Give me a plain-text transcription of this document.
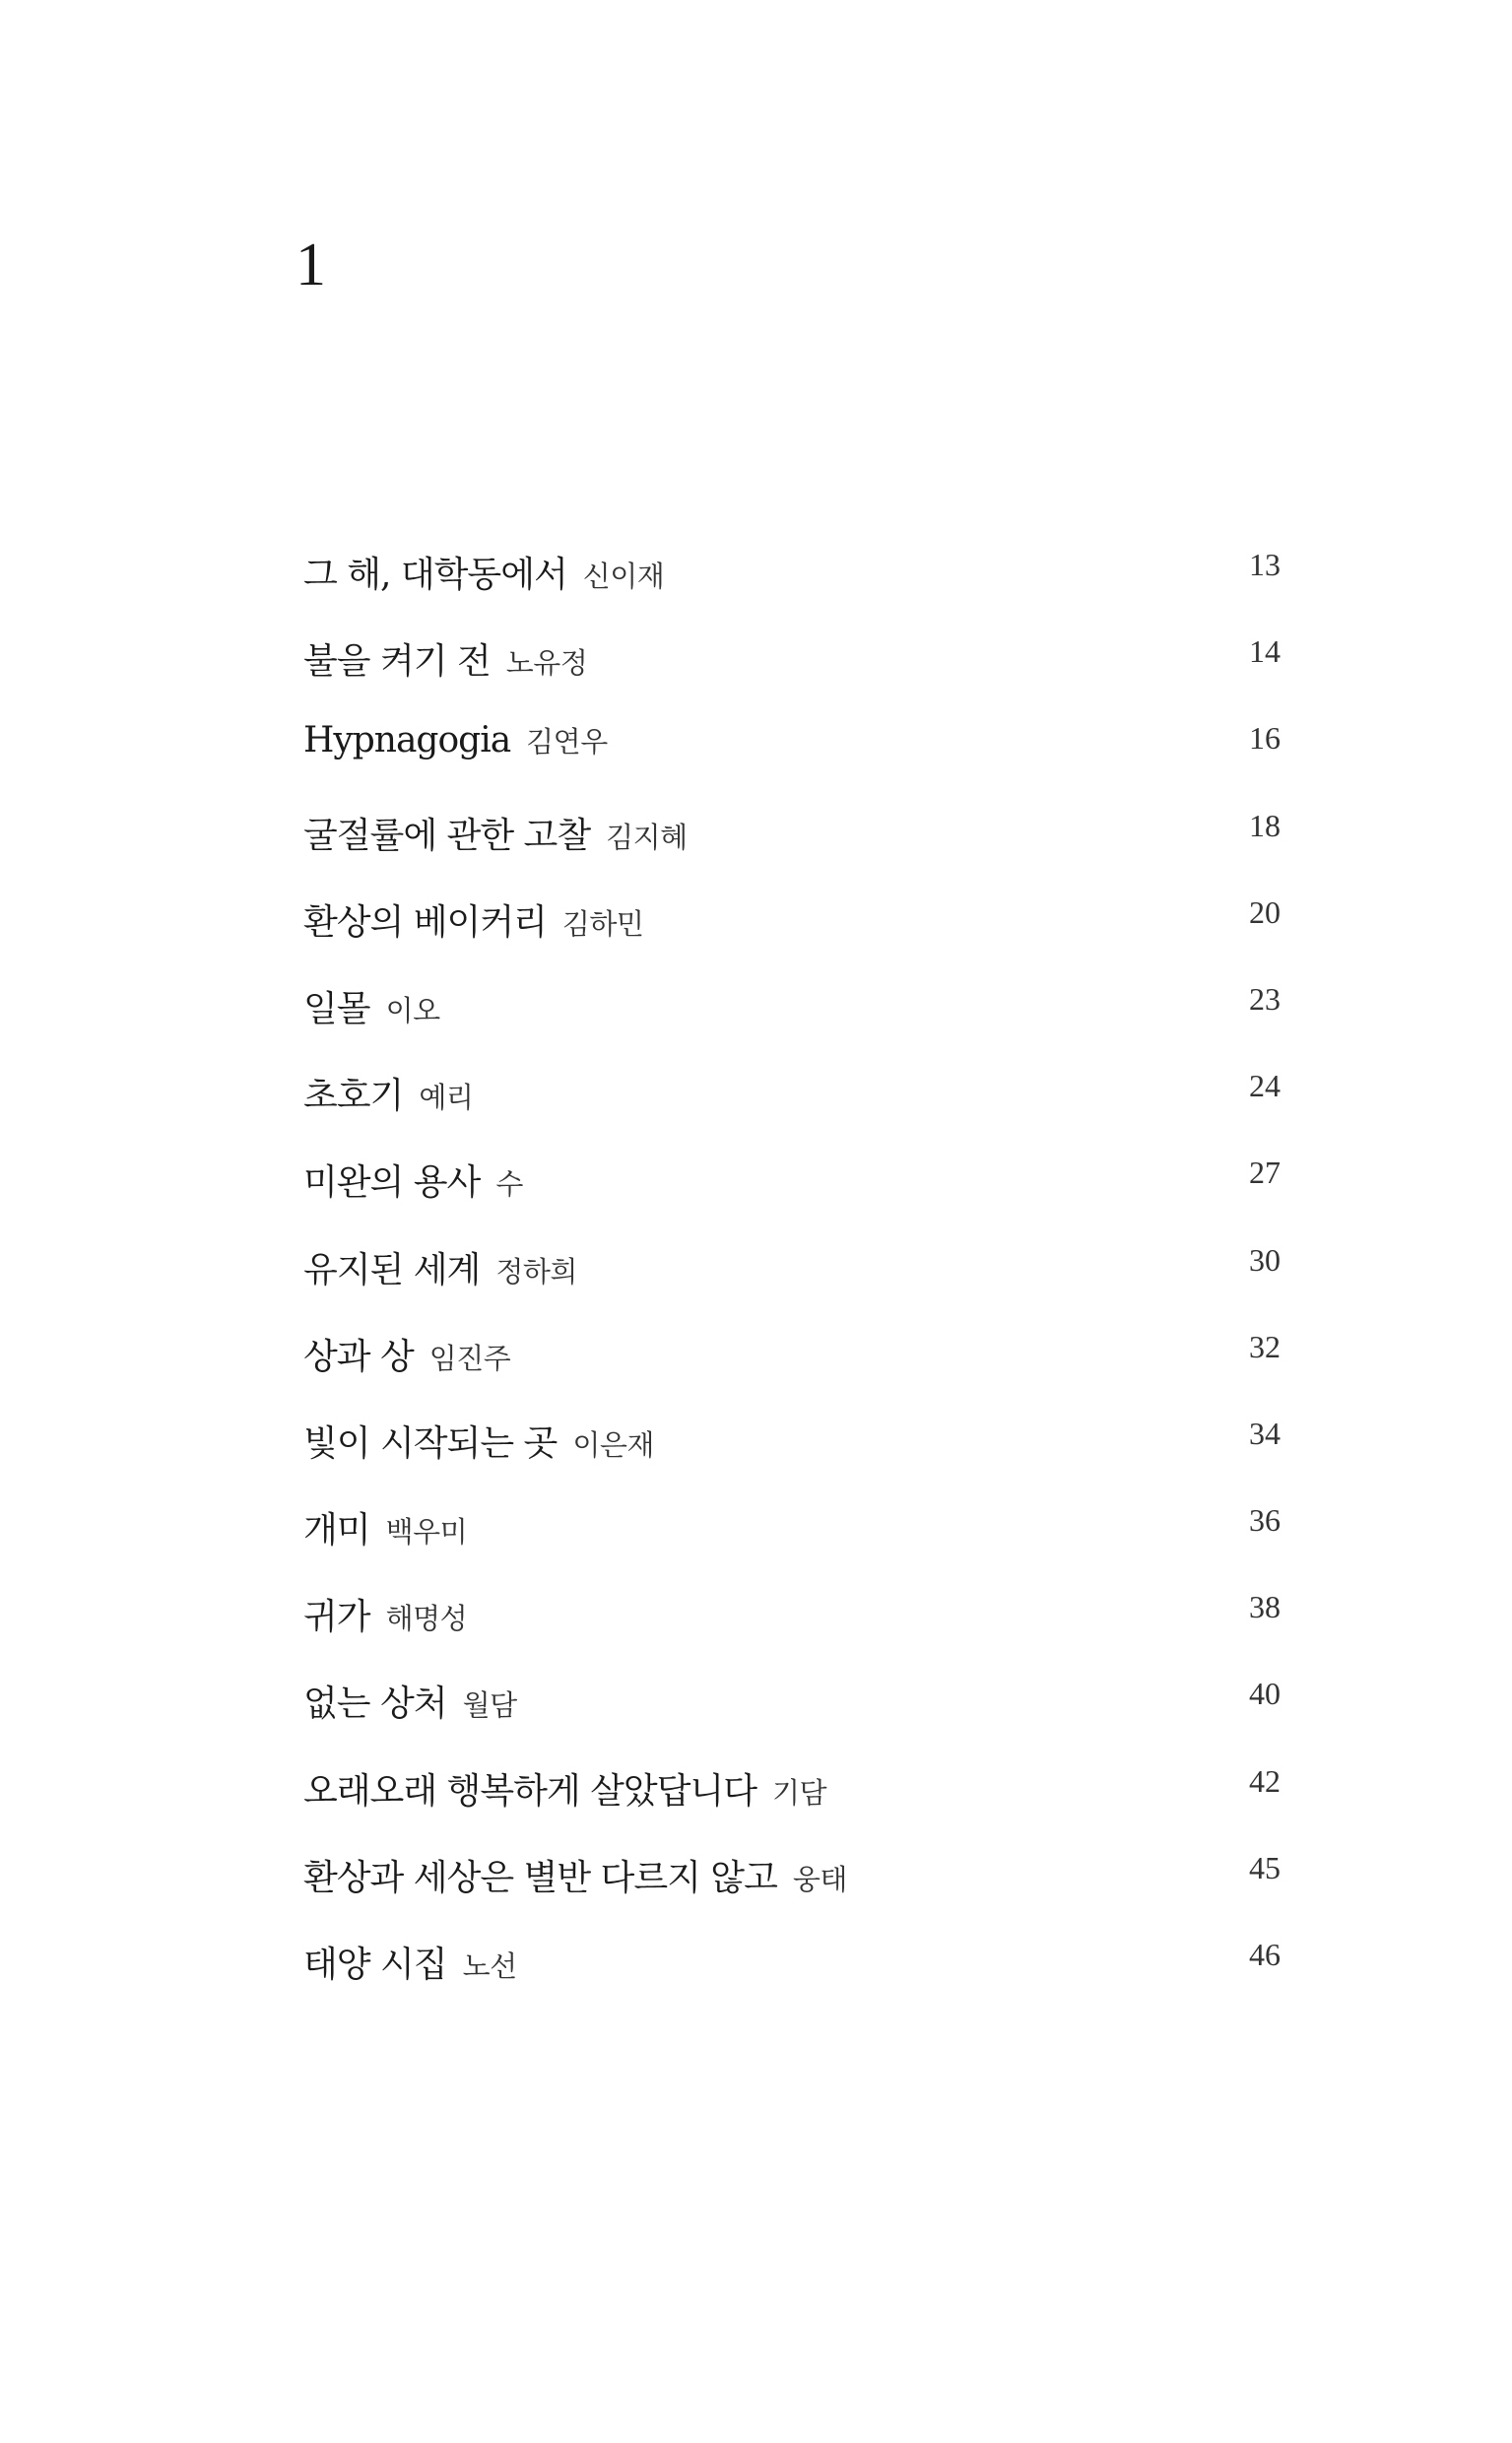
1
그 해, 대학동에서 신이재	13
불을 켜기 전 노유정	14
Hypnagogia 김연우	16
굴절률에 관한 고찰 김지혜	18
환상의 베이커리 김하민	20
일몰 이오	23
초호기 예리	24
미완의 용사 수	27
유지된 세계 정하희	30
상과 상 임진주	32
빛이 시작되는 곳 이은재	34
개미 백우미	36
귀가 해명성	38
없는 상처 월담	40
오래오래 행복하게 살았답니다 기담	42
환상과 세상은 별반 다르지 않고 웅태	45
태양 시집 노선	46
